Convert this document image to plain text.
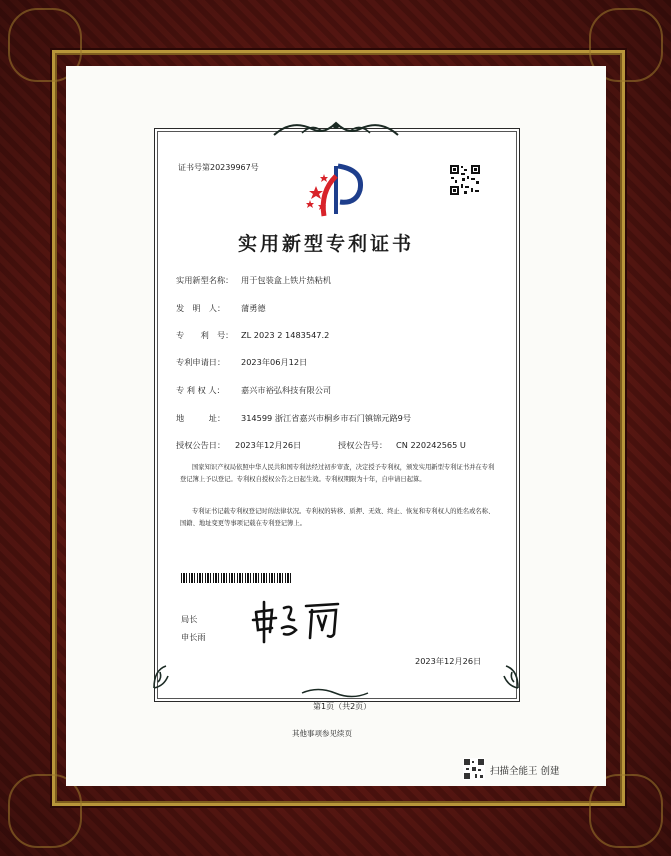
证书号第20239967号
实用新型专利证书
实用新型名称： 用于包装盒上铁片热粘机
发　明　人： 蒲勇德
专　　利　号： ZL 2023 2 1483547.2
专利申请日： 2023年06月12日
专 利 权 人： 嘉兴市裕弘科技有限公司
地　　　址： 314599 浙江省嘉兴市桐乡市石门镇锦元路9号
授权公告日： 2023年12月26日	授权公告号： CN 220242565 U
国家知识产权局依照中华人民共和国专利法经过初步审查，决定授予专利权，颁发实用新型专利证书并在专利登记簿上予以登记。专利权自授权公告之日起生效。专利权期限为十年，自申请日起算。
专利证书记载专利权登记时的法律状况。专利权的转移、质押、无效、终止、恢复和专利权人的姓名或名称、国籍、地址变更等事项记载在专利登记簿上。
局长
申长雨
2023年12月26日
第1页（共2页）
其他事项参见续页
扫描全能王 创建
